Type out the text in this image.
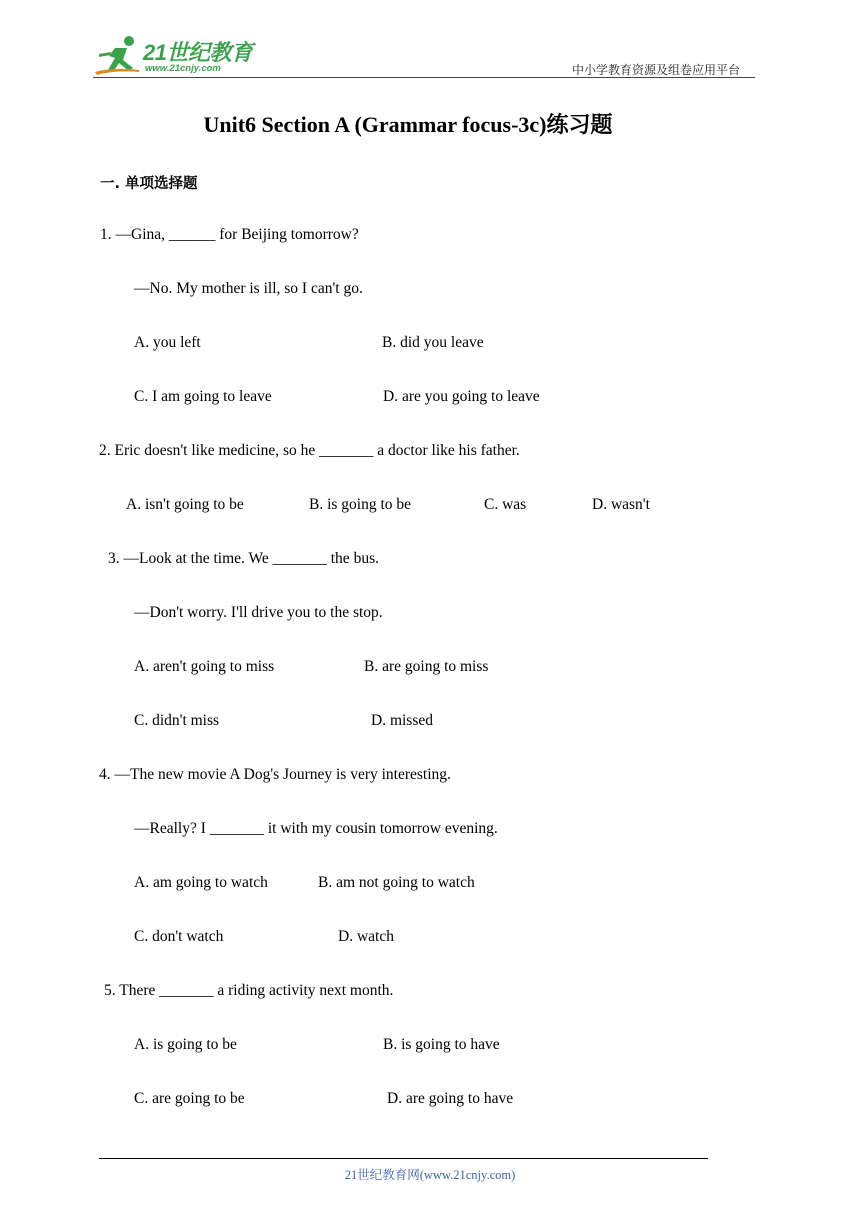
21世纪教育
www.21cnjy.com	中小学教育资源及组卷应用平台
Unit6 Section A (Grammar focus-3c)练习题
一. 单项选择题
1. —Gina, ______ for Beijing tomorrow?
—No. My mother is ill, so I can't go.
A. you left	B. did you leave
C. I am going to leave	D. are you going to leave
2. Eric doesn't like medicine, so he _______ a doctor like his father.
A. isn't going to be	B. is going to be	C. was	D. wasn't
3. —Look at the time. We _______ the bus.
—Don't worry. I'll drive you to the stop.
A. aren't going to miss	B. are going to miss
C. didn't miss	D. missed
4. —The new movie A Dog's Journey is very interesting.
—Really? I _______ it with my cousin tomorrow evening.
A. am going to watch	B. am not going to watch
C. don't watch	D. watch
5. There _______ a riding activity next month.
A. is going to be	B. is going to have
C. are going to be	D. are going to have
21世纪教育网(www.21cnjy.com)
